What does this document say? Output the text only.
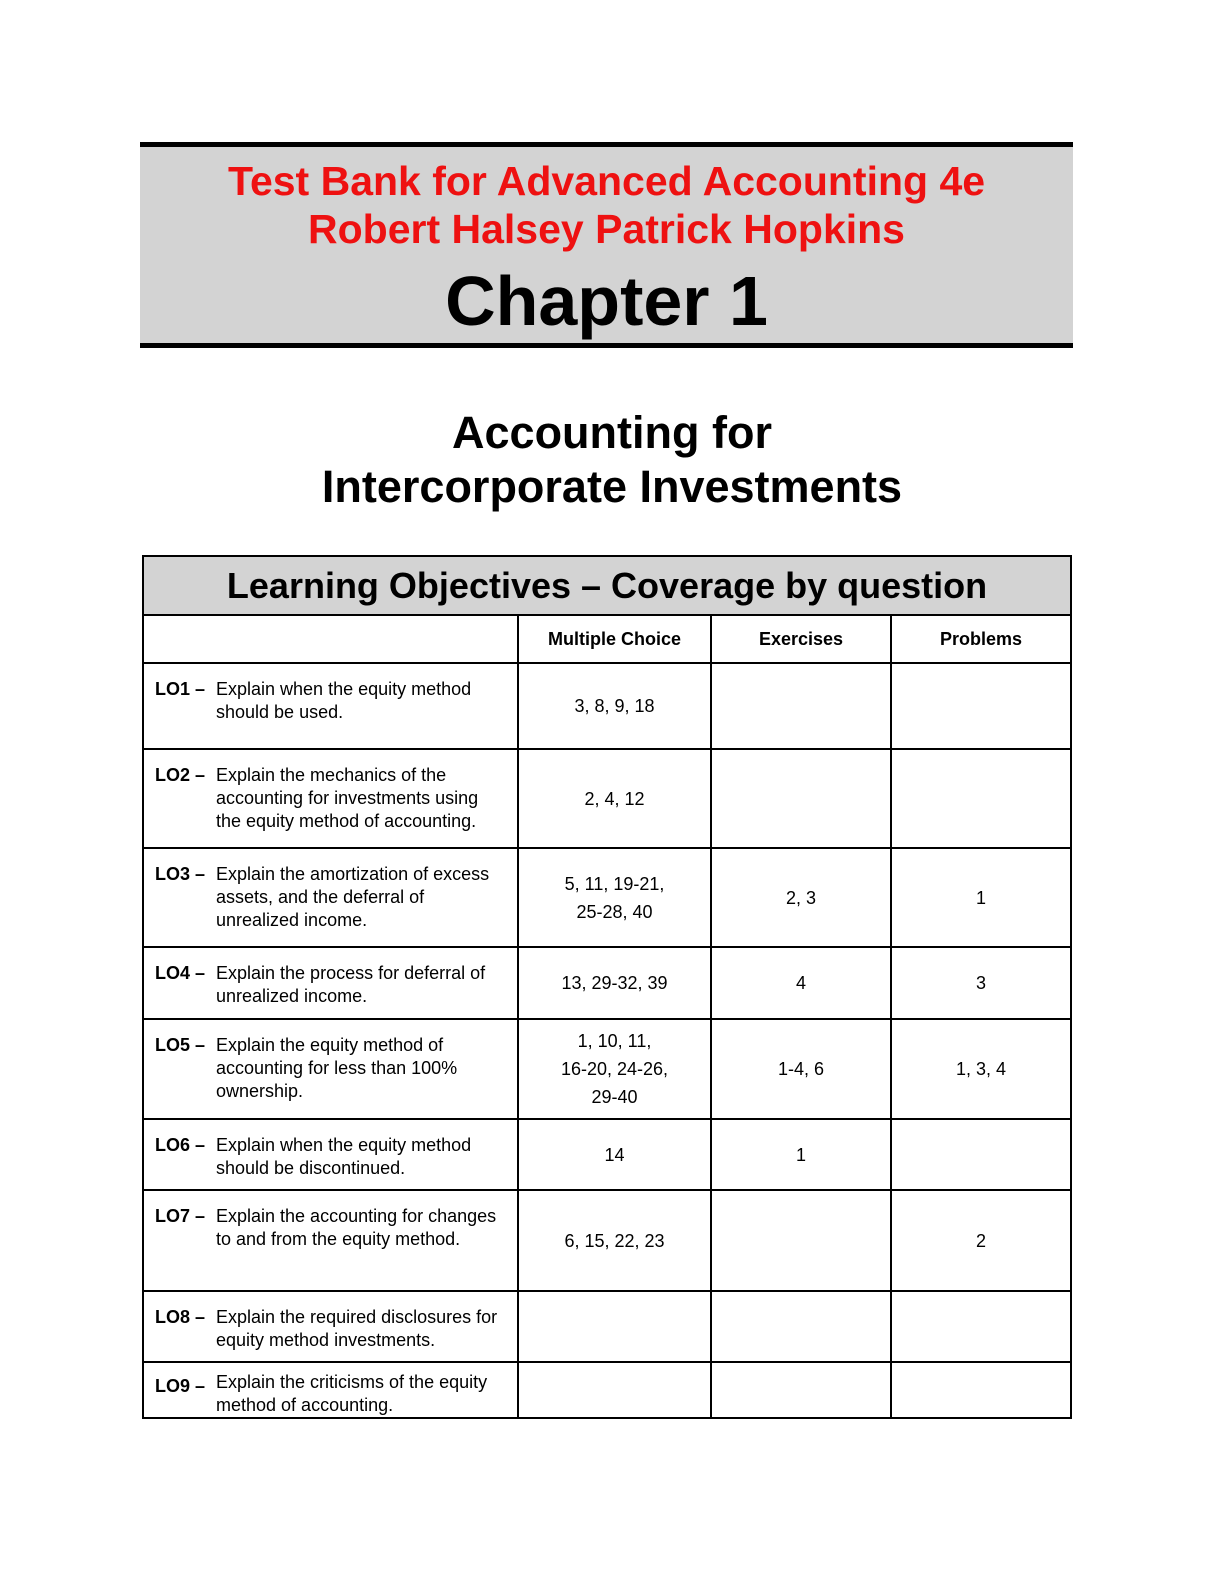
Test Bank for Advanced Accounting 4e
Robert Halsey Patrick Hopkins
Chapter 1
Accounting for
Intercorporate Investments
Learning Objectives – Coverage by question			
	Multiple Choice	Exercises	Problems

LO1 – Explain when the equity method should be used.	3, 8, 9, 18		

LO2 – Explain the mechanics of the accounting for investments using the equity method of accounting.	2, 4, 12		

LO3 – Explain the amortization of excess assets, and the deferral of unrealized income.	5, 11, 19-21,
25-28, 40	2, 3	1

LO4 – Explain the process for deferral of unrealized income.	13, 29-32, 39	4	3

LO5 – Explain the equity method of accounting for less than 100% ownership.	1, 10, 11,
16-20, 24-26,
29-40	1-4, 6	1, 3, 4

LO6 – Explain when the equity method should be discontinued.	14	1	

LO7 – Explain the accounting for changes to and from the equity method.	6, 15, 22, 23		2

LO8 – Explain the required disclosures for equity method investments.			

LO9 – Explain the criticisms of the equity method of accounting.			
